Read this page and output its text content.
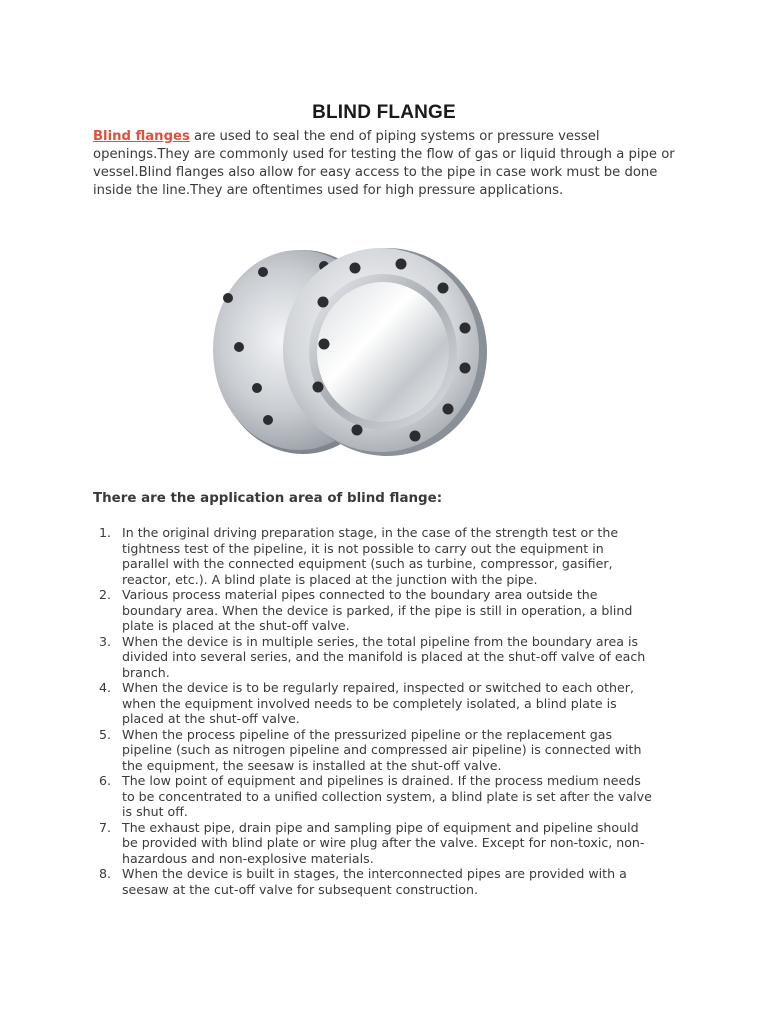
BLIND FLANGE

Blind flanges are used to seal the end of piping systems or pressure vessel openings.They are commonly used for testing the flow of gas or liquid through a pipe or vessel.Blind flanges also allow for easy access to the pipe in case work must be done inside the line.They are oftentimes used for high pressure applications.

There are the application area of blind flange:
1. In the original driving preparation stage, in the case of the strength test or the tightness test of the pipeline, it is not possible to carry out the equipment in parallel with the connected equipment (such as turbine, compressor, gasifier, reactor, etc.). A blind plate is placed at the junction with the pipe.
2. Various process material pipes connected to the boundary area outside the boundary area. When the device is parked, if the pipe is still in operation, a blind plate is placed at the shut-off valve.
3. When the device is in multiple series, the total pipeline from the boundary area is divided into several series, and the manifold is placed at the shut-off valve of each branch.
4. When the device is to be regularly repaired, inspected or switched to each other, when the equipment involved needs to be completely isolated, a blind plate is placed at the shut-off valve.
5. When the process pipeline of the pressurized pipeline or the replacement gas pipeline (such as nitrogen pipeline and compressed air pipeline) is connected with the equipment, the seesaw is installed at the shut-off valve.
6. The low point of equipment and pipelines is drained. If the process medium needs to be concentrated to a unified collection system, a blind plate is set after the valve is shut off.
7. The exhaust pipe, drain pipe and sampling pipe of equipment and pipeline should be provided with blind plate or wire plug after the valve. Except for non-toxic, non-hazardous and non-explosive materials.
8. When the device is built in stages, the interconnected pipes are provided with a seesaw at the cut-off valve for subsequent construction.
